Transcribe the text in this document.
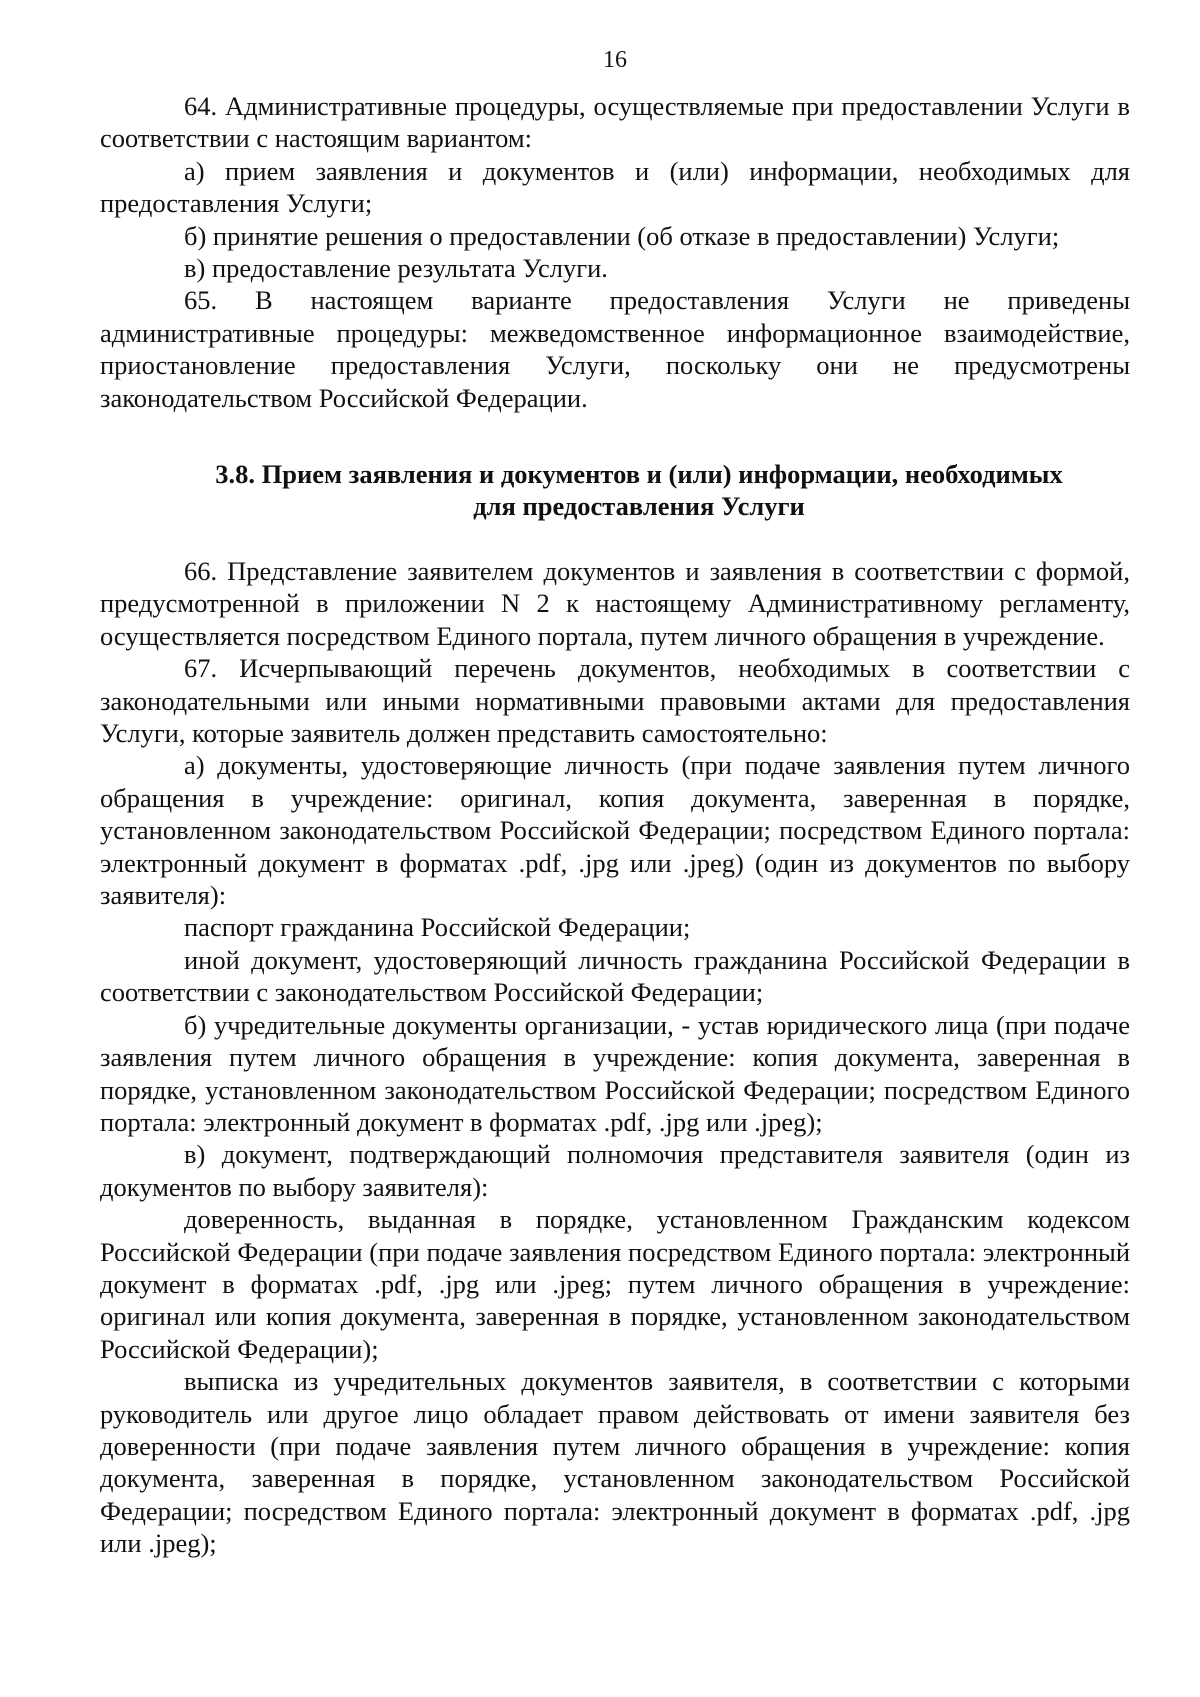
16

64. Административные процедуры, осуществляемые при предоставлении Услуги в соответствии с настоящим вариантом:

а) прием заявления и документов и (или) информации, необходимых для предоставления Услуги;

б) принятие решения о предоставлении (об отказе в предоставлении) Услуги;

в) предоставление результата Услуги.

65. В настоящем варианте предоставления Услуги не приведены административные процедуры: межведомственное информационное взаимодействие, приостановление предоставления Услуги, поскольку они не предусмотрены законодательством Российской Федерации.

3.8. Прием заявления и документов и (или) информации, необходимых

для предоставления Услуги

66. Представление заявителем документов и заявления в соответствии с формой, предусмотренной в приложении N 2 к настоящему Административному регламенту, осуществляется посредством Единого портала, путем личного обращения в учреждение.

67. Исчерпывающий перечень документов, необходимых в соответствии с законодательными или иными нормативными правовыми актами для предоставления Услуги, которые заявитель должен представить самостоятельно:

а) документы, удостоверяющие личность (при подаче заявления путем личного обращения в учреждение: оригинал, копия документа, заверенная в порядке, установленном законодательством Российской Федерации; посредством Единого портала: электронный документ в форматах .pdf, .jpg или .jpeg) (один из документов по выбору заявителя):

паспорт гражданина Российской Федерации;

иной документ, удостоверяющий личность гражданина Российской Федерации в соответствии с законодательством Российской Федерации;

б) учредительные документы организации, - устав юридического лица (при подаче заявления путем личного обращения в учреждение: копия документа, заверенная в порядке, установленном законодательством Российской Федерации; посредством Единого портала: электронный документ в форматах .pdf, .jpg или .jpeg);

в) документ, подтверждающий полномочия представителя заявителя (один из документов по выбору заявителя):

доверенность, выданная в порядке, установленном Гражданским кодексом Российской Федерации (при подаче заявления посредством Единого портала: электронный документ в форматах .pdf, .jpg или .jpeg; путем личного обращения в учреждение: оригинал или копия документа, заверенная в порядке, установленном законодательством Российской Федерации);

выписка из учредительных документов заявителя, в соответствии с которыми руководитель или другое лицо обладает правом действовать от имени заявителя без доверенности (при подаче заявления путем личного обращения в учреждение: копия документа, заверенная в порядке, установленном законодательством Российской Федерации; посредством Единого портала: электронный документ в форматах .pdf, .jpg или .jpeg);
